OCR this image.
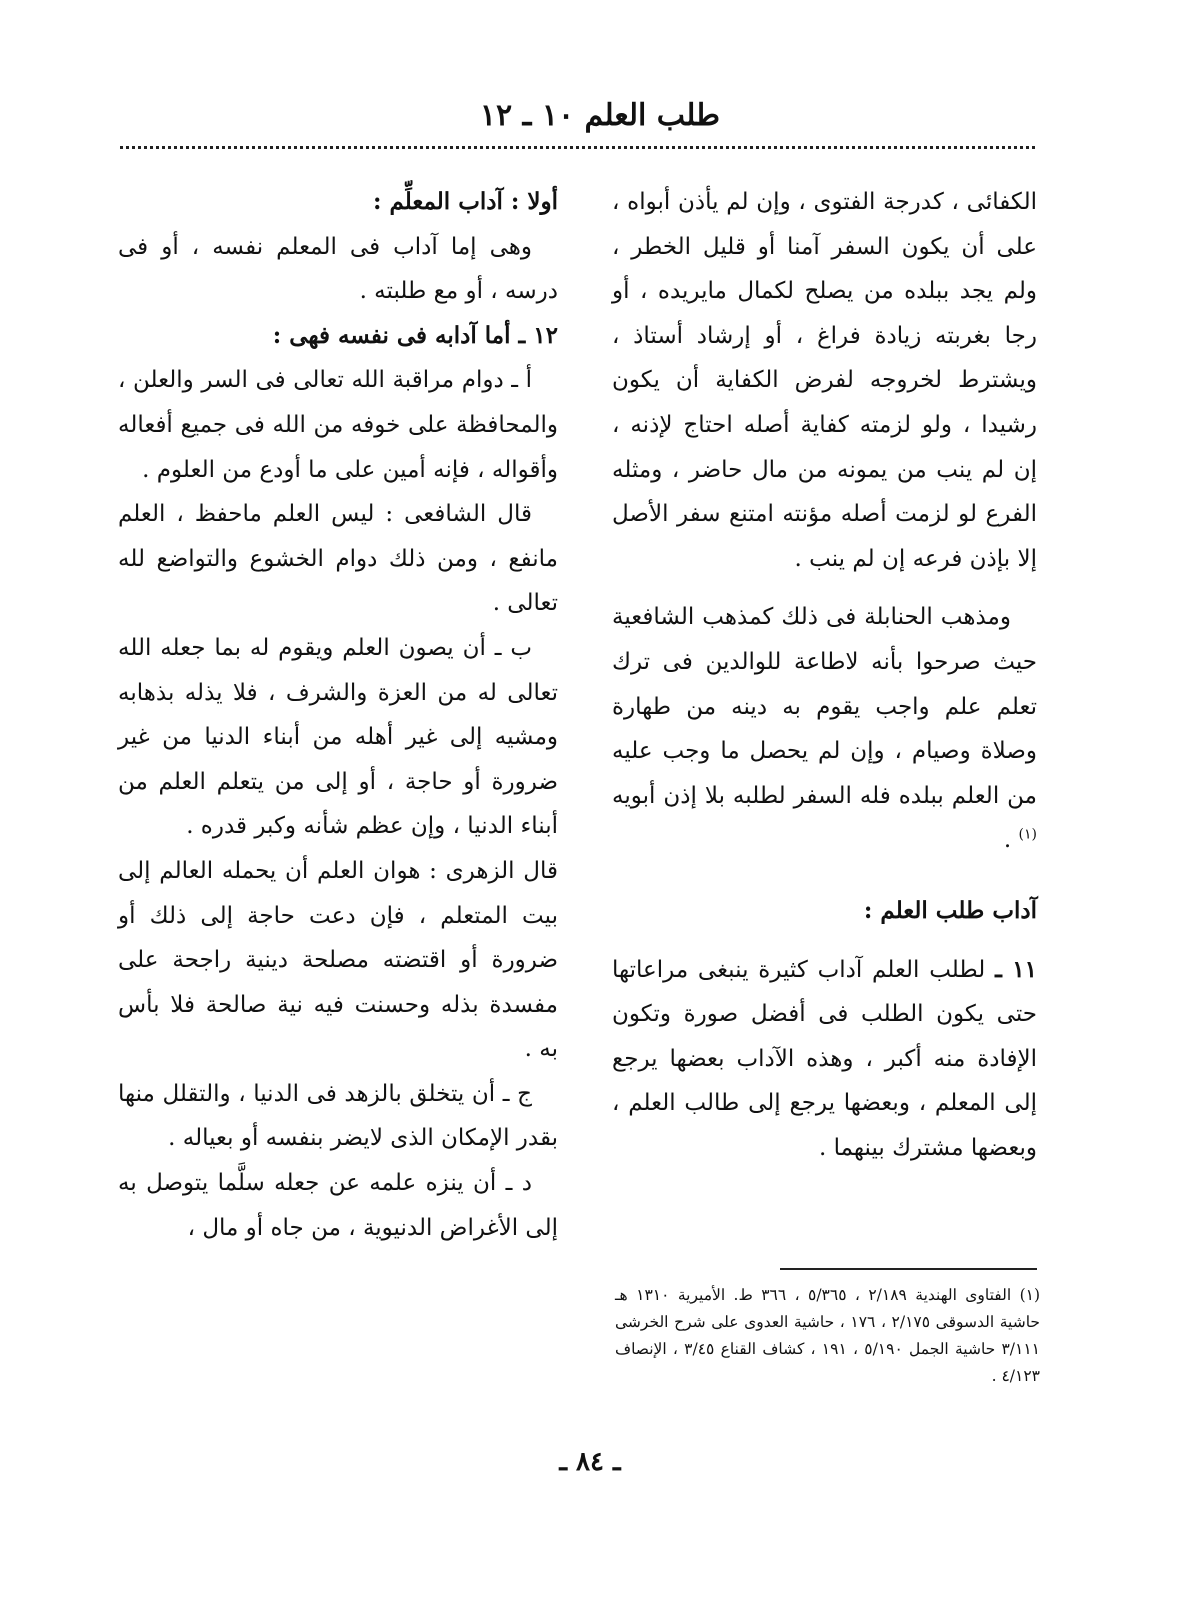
طلب العلم ١٠ ـ ١٢

الكفائى ، كدرجة الفتوى ، وإن لم يأذن أبواه ، على أن يكون السفر آمنا أو قليل الخطر ، ولم يجد ببلده من يصلح لكمال مايريده ، أو رجا بغربته زيادة فراغ ، أو إرشاد أستاذ ، ويشترط لخروجه لفرض الكفاية أن يكون رشيدا ، ولو لزمته كفاية أصله احتاج لإذنه ، إن لم ينب من يمونه من مال حاضر ، ومثله الفرع لو لزمت أصله مؤنته امتنع سفر الأصل إلا بإذن فرعه إن لم ينب .

ومذهب الحنابلة فى ذلك كمذهب الشافعية حيث صرحوا بأنه لاطاعة للوالدين فى ترك تعلم علم واجب يقوم به دينه من طهارة وصلاة وصيام ، وإن لم يحصل ما وجب عليه من العلم ببلده فله السفر لطلبه بلا إذن أبويه $^{(١)}$ .

آداب طلب العلم :

١١ ـ لطلب العلم آداب كثيرة ينبغى مراعاتها حتى يكون الطلب فى أفضل صورة وتكون الإفادة منه أكبر ، وهذه الآداب بعضها يرجع إلى المعلم ، وبعضها يرجع إلى طالب العلم ، وبعضها مشترك بينهما .

أولا : آداب المعلِّم :

وهى إما آداب فى المعلم نفسه ، أو فى درسه ، أو مع طلبته .

١٢ ـ أما آدابه فى نفسه فهى :

أ ـ دوام مراقبة الله تعالى فى السر والعلن ، والمحافظة على خوفه من الله فى جميع أفعاله وأقواله ، فإنه أمين على ما أودع من العلوم .

قال الشافعى : ليس العلم ماحفظ ، العلم مانفع ، ومن ذلك دوام الخشوع والتواضع لله تعالى .

ب ـ أن يصون العلم ويقوم له بما جعله الله تعالى له من العزة والشرف ، فلا يذله بذهابه ومشيه إلى غير أهله من أبناء الدنيا من غير ضرورة أو حاجة ، أو إلى من يتعلم العلم من أبناء الدنيا ، وإن عظم شأنه وكبر قدره .

قال الزهرى : هوان العلم أن يحمله العالم إلى بيت المتعلم ، فإن دعت حاجة إلى ذلك أو ضرورة أو اقتضته مصلحة دينية راجحة على مفسدة بذله وحسنت فيه نية صالحة فلا بأس به .

ج ـ أن يتخلق بالزهد فى الدنيا ، والتقلل منها بقدر الإمكان الذى لايضر بنفسه أو بعياله .

د ـ أن ينزه علمه عن جعله سلَّما يتوصل به إلى الأغراض الدنيوية ، من جاه أو مال ،

(١) الفتاوى الهندية ٢/١٨٩ ، ٥/٣٦٥ ، ٣٦٦ ط. الأميرية ١٣١٠ هـ حاشية الدسوقى ٢/١٧٥ ، ١٧٦ ، حاشية العدوى على شرح الخرشى ٣/١١١ حاشية الجمل ٥/١٩٠ ، ١٩١ ، كشاف القناع ٣/٤٥ ، الإنصاف ٤/١٢٣ .
ـ ٨٤ ـ
